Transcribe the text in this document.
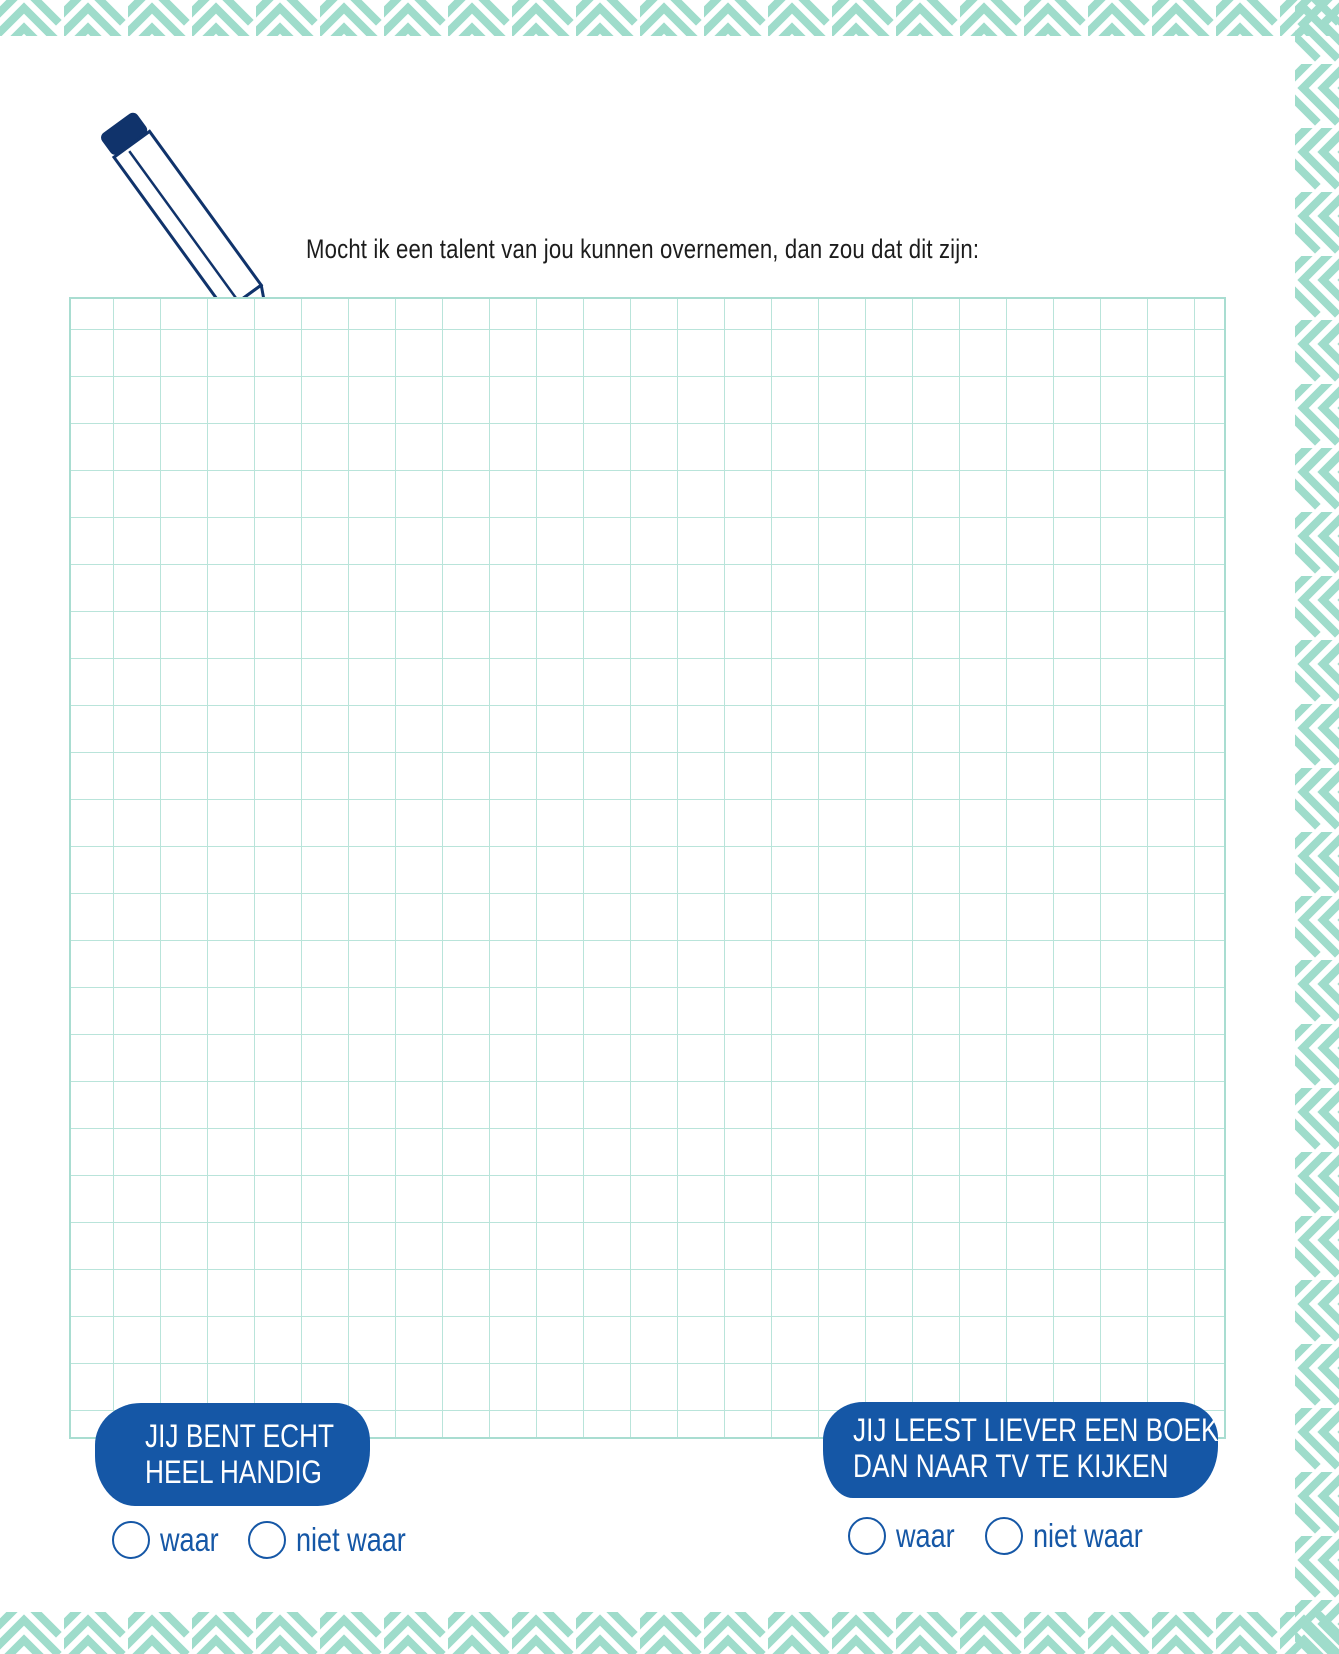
Mocht ik een talent van jou kunnen overnemen, dan zou dat dit zijn:
JIJ BENT ECHT
HEEL HANDIG
waar niet waar
JIJ LEEST LIEVER EEN BOEK
DAN NAAR TV TE KIJKEN
waar niet waar
